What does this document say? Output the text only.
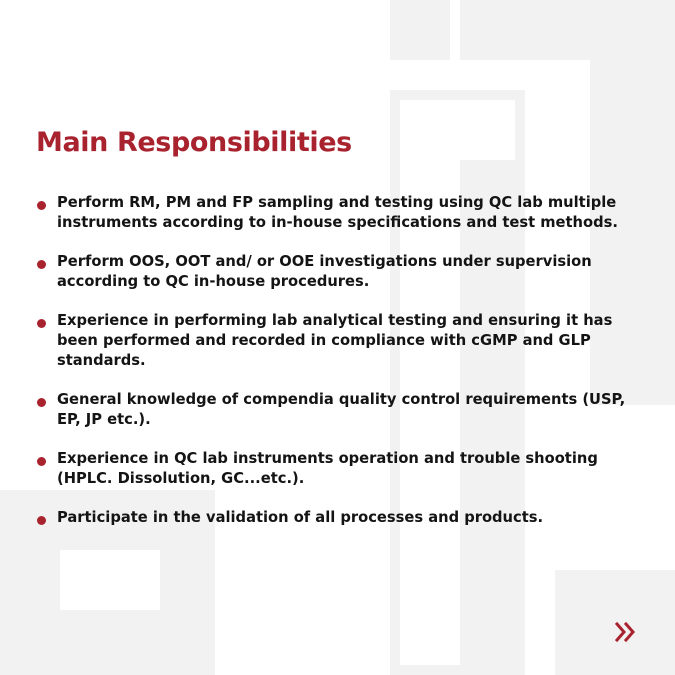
Main Responsibilities
Perform RM, PM and FP sampling and testing using QC lab multiple instruments according to in-house specifications and test methods.
Perform OOS, OOT and/ or OOE investigations under supervision according to QC in-house procedures.
Experience in performing lab analytical testing and ensuring it has been performed and recorded in compliance with cGMP and GLP standards.
General knowledge of compendia quality control requirements (USP, EP, JP etc.).
Experience in QC lab instruments operation and trouble shooting (HPLC. Dissolution, GC...etc.).
Participate in the validation of all processes and products.
